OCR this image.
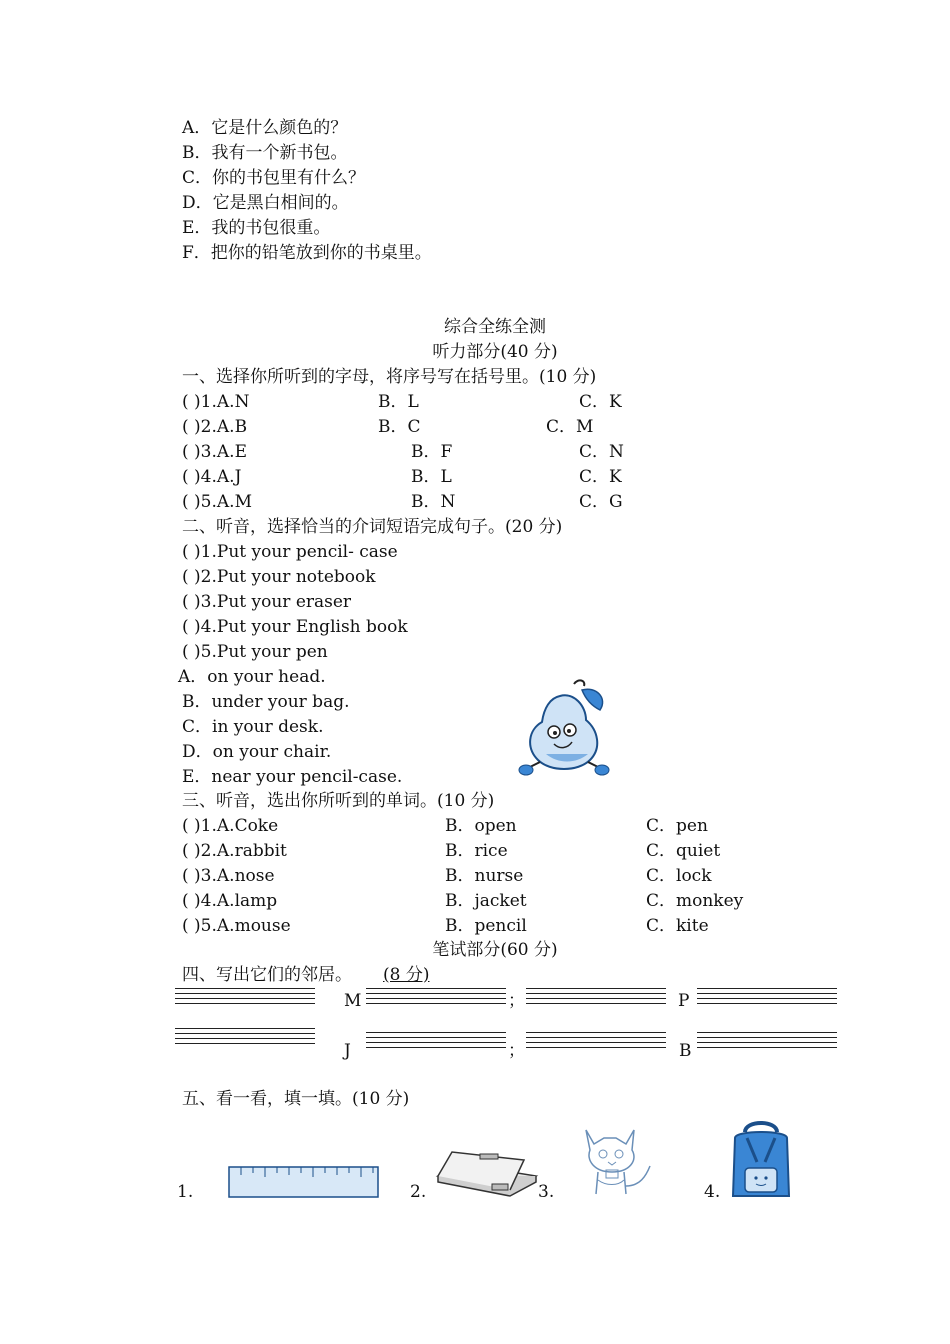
A．它是什么颜色的？
B．我有一个新书包。
C．你的书包里有什么？
D．它是黑白相间的。
E．我的书包很重。
F．把你的铅笔放到你的书桌里。
综合全练全测
听力部分(40 分)
一、选择你所听到的字母，将序号写在括号里。(10 分)
( )1.A.N	B．L	C．K
( )2.A.B	B．C	C．M
( )3.A.E	B．F	C．N
( )4.A.J	B．L	C．K
( )5.A.M	B．N	C．G
二、听音，选择恰当的介词短语完成句子。(20 分)
( )1.Put your pencil- case
( )2.Put your notebook
( )3.Put your eraser
( )4.Put your English book
( )5.Put your pen
A．on your head.
B．under your bag.
C．in your desk.
D．on your chair.
E．near your pencil-case.
三、听音，选出你所听到的单词。(10 分)
( )1.A.Coke	B．open	C．pen
( )2.A.rabbit	B．rice	C．quiet
( )3.A.nose	B．nurse	C．lock
( )4.A.lamp	B．jacket	C．monkey
( )5.A.mouse	B．pencil	C．kite
笔试部分(60 分)
四、写出它们的邻居。 (8 分)
M	；	P
J	；	B
五、看一看，填一填。(10 分)
1.	2.	3.	4.
